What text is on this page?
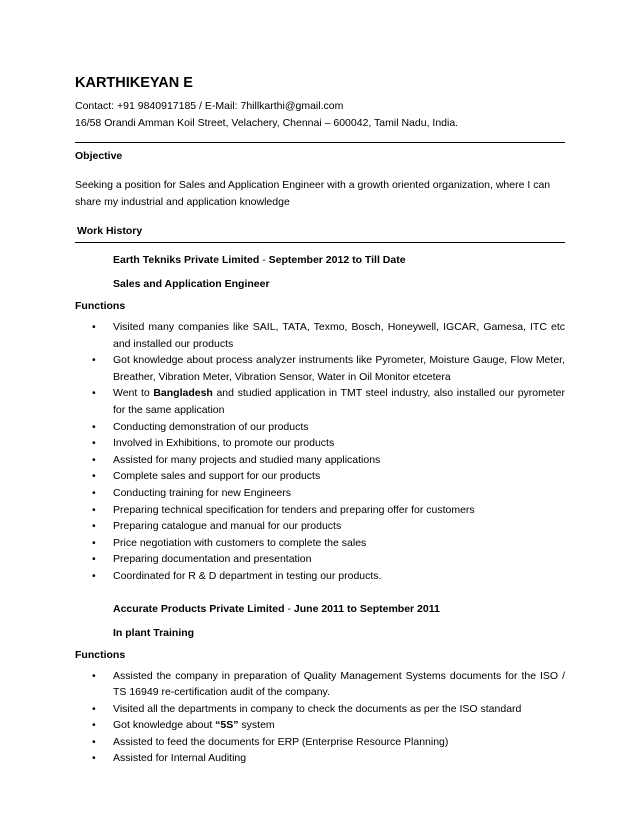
KARTHIKEYAN E
Contact: +91 9840917185 / E-Mail: 7hillkarthi@gmail.com
16/58 Orandi Amman Koil Street, Velachery, Chennai – 600042, Tamil Nadu, India.
Objective
Seeking a position for Sales and Application Engineer with a growth oriented organization, where I can share my industrial and application knowledge
Work History
Earth Tekniks Private Limited - September 2012 to Till Date
Sales and Application Engineer
Functions
• Visited many companies like SAIL, TATA, Texmo, Bosch, Honeywell, IGCAR, Gamesa, ITC etc and installed our products
• Got knowledge about process analyzer instruments like Pyrometer, Moisture Gauge, Flow Meter, Breather, Vibration Meter, Vibration Sensor, Water in Oil Monitor etcetera
• Went to Bangladesh and studied application in TMT steel industry, also installed our pyrometer for the same application
• Conducting demonstration of our products
• Involved in Exhibitions, to promote our products
• Assisted for many projects and studied many applications
• Complete sales and support for our products
• Conducting training for new Engineers
• Preparing technical specification for tenders and preparing offer for customers
• Preparing catalogue and manual for our products
• Price negotiation with customers to complete the sales
• Preparing documentation and presentation
• Coordinated for R & D department in testing our products.
Accurate Products Private Limited - June 2011 to September 2011
In plant Training
Functions
• Assisted the company in preparation of Quality Management Systems documents for the ISO / TS 16949 re-certification audit of the company.
• Visited all the departments in company to check the documents as per the ISO standard
• Got knowledge about “5S” system
• Assisted to feed the documents for ERP (Enterprise Resource Planning)
• Assisted for Internal Auditing
